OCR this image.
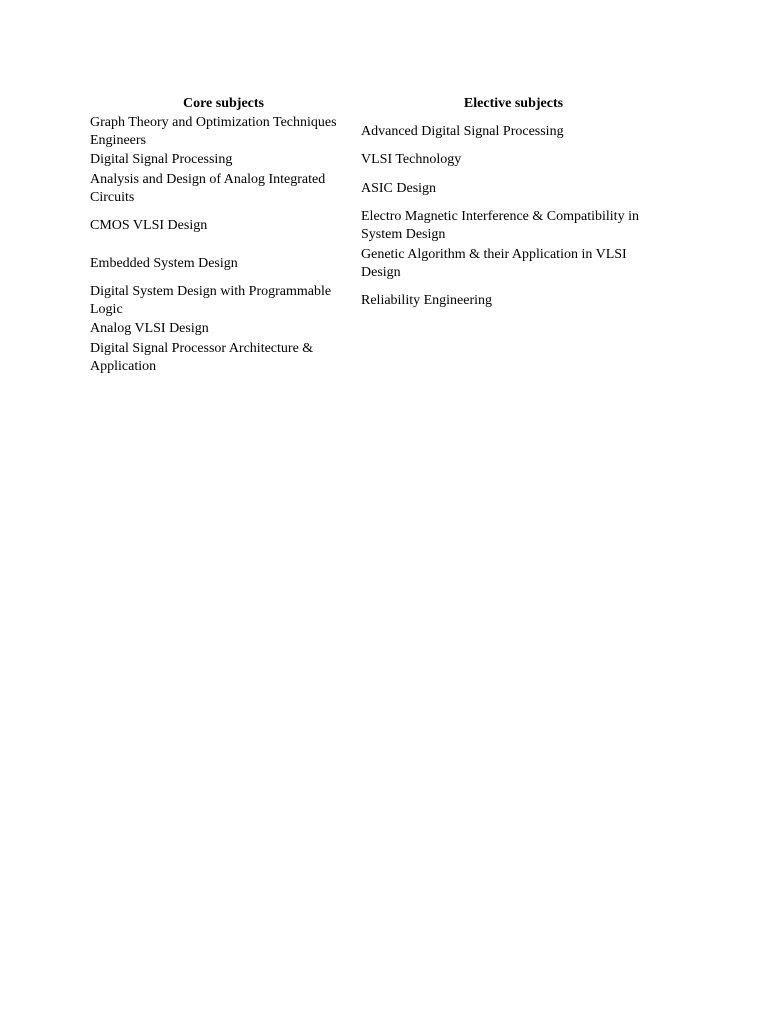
Core subjects	Elective subjects
Graph Theory and Optimization Techniques Engineers	Advanced Digital Signal Processing
Digital Signal Processing	VLSI Technology
Analysis and Design of Analog Integrated Circuits	ASIC Design
CMOS VLSI Design	Electro Magnetic Interference & Compatibility in System Design
Embedded System Design	Genetic Algorithm & their Application in VLSI Design
Digital System Design with Programmable Logic	Reliability Engineering
Analog VLSI Design	
Digital Signal Processor Architecture & Application	
